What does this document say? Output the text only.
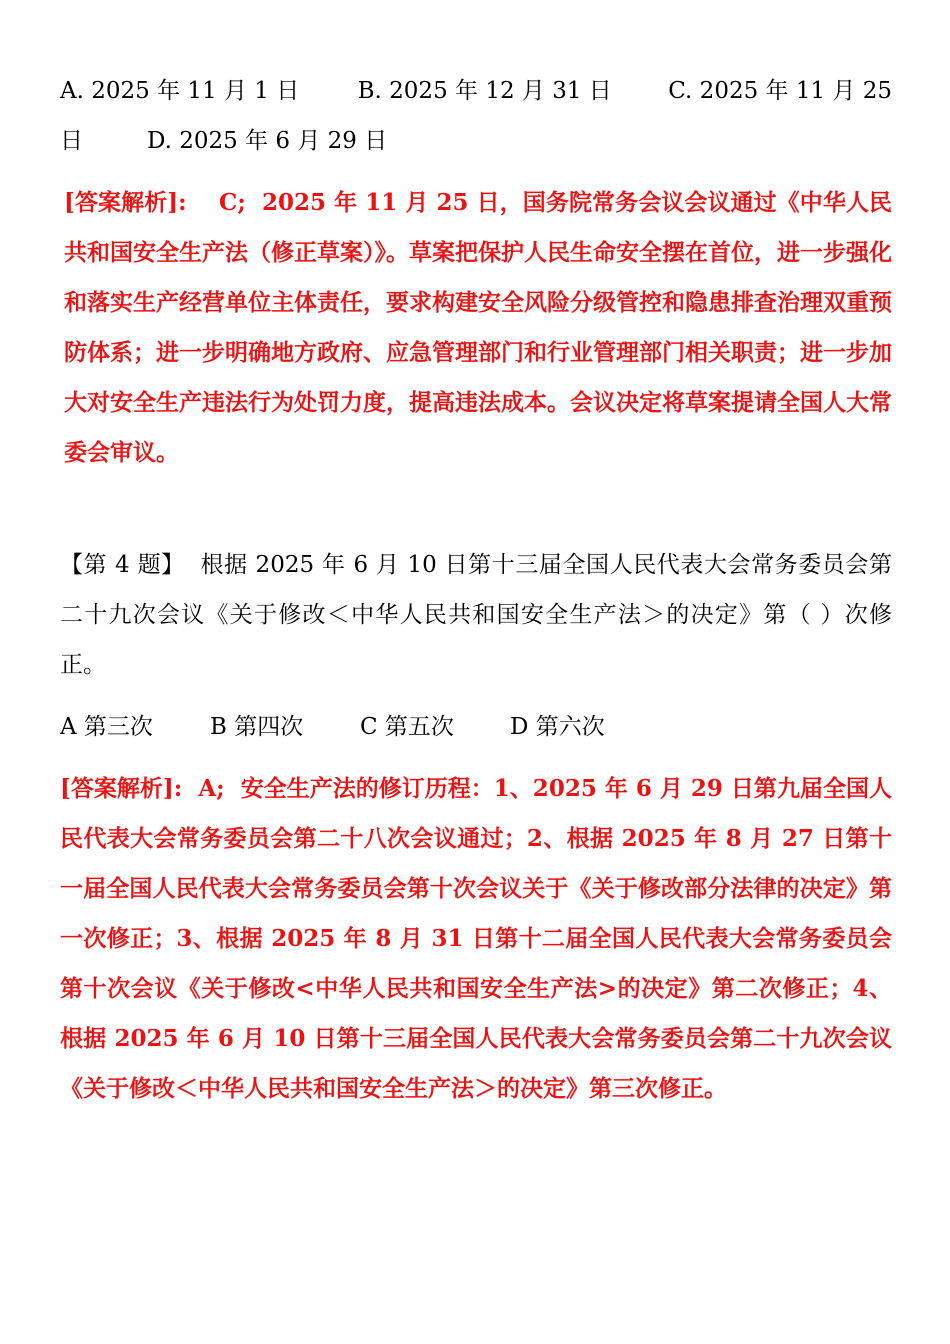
A. 2025 年 11 月 1 日	B. 2025 年 12 月 31 日	C. 2025 年 11 月 25
日	D. 2025 年 6 月 29 日

[答案解析]: C; 2025 年 11 月 25 日，国务院常务会议会议通过《中华人民共和国安全生产法（修正草案）》。草案把保护人民生命安全摆在首位，进一步强化和落实生产经营单位主体责任，要求构建安全风险分级管控和隐患排查治理双重预防体系；进一步明确地方政府、应急管理部门和行业管理部门相关职责；进一步加大对安全生产违法行为处罚力度，提高违法成本。会议决定将草案提请全国人大常委会审议。

【第 4 题】 根据 2025 年 6 月 10 日第十三届全国人民代表大会常务委员会第二十九次会议《关于修改＜中华人民共和国安全生产法＞的决定》第（ ）次修正。

A 第三次	B 第四次	C 第五次	D 第六次

[答案解析]: A; 安全生产法的修订历程：1、2025 年 6 月 29 日第九届全国人民代表大会常务委员会第二十八次会议通过；2、根据 2025 年 8 月 27 日第十一届全国人民代表大会常务委员会第十次会议关于《关于修改部分法律的决定》第一次修正；3、根据 2025 年 8 月 31 日第十二届全国人民代表大会常务委员会第十次会议《关于修改<中华人民共和国安全生产法>的决定》第二次修正；4、根据 2025 年 6 月 10 日第十三届全国人民代表大会常务委员会第二十九次会议《关于修改＜中华人民共和国安全生产法＞的决定》第三次修正。
